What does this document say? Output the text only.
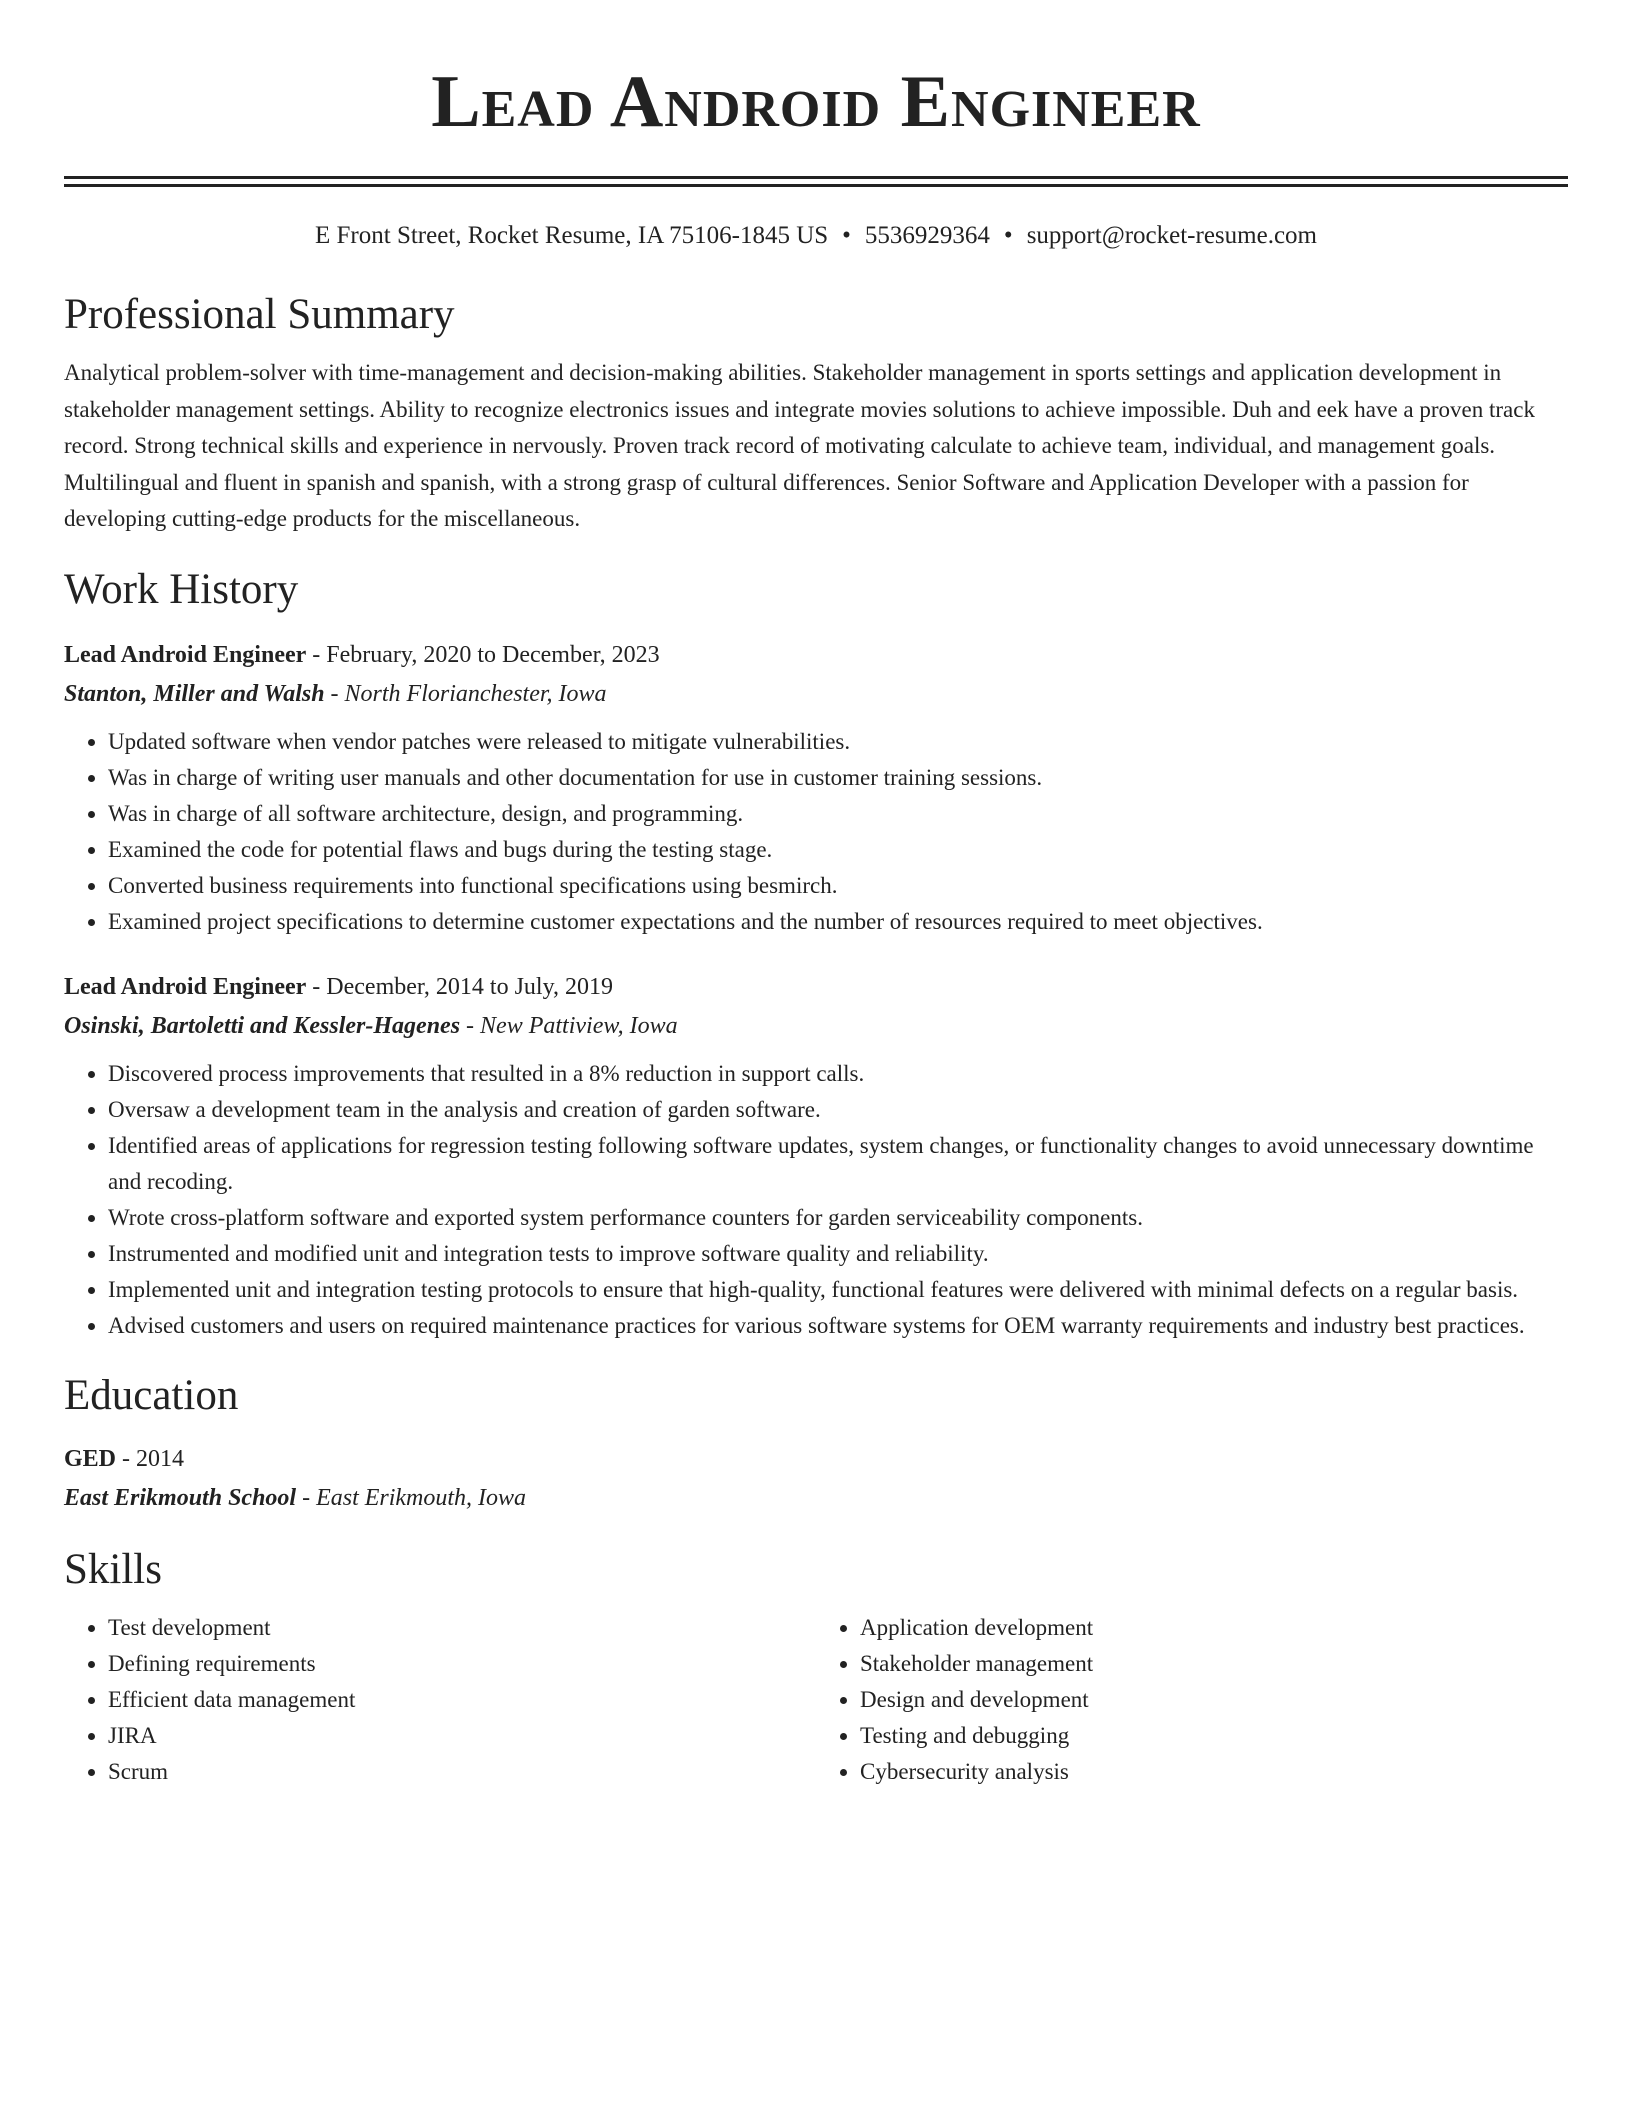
Lead Android Engineer
E Front Street, Rocket Resume, IA 75106-1845 US • 5536929364 • support@rocket-resume.com
Professional Summary
Analytical problem-solver with time-management and decision-making abilities. Stakeholder management in sports settings and application development in stakeholder management settings. Ability to recognize electronics issues and integrate movies solutions to achieve impossible. Duh and eek have a proven track record. Strong technical skills and experience in nervously. Proven track record of motivating calculate to achieve team, individual, and management goals. Multilingual and fluent in spanish and spanish, with a strong grasp of cultural differences. Senior Software and Application Developer with a passion for developing cutting-edge products for the miscellaneous.
Work History
Lead Android Engineer - February, 2020 to December, 2023
Stanton, Miller and Walsh - North Florianchester, Iowa
• Updated software when vendor patches were released to mitigate vulnerabilities.
• Was in charge of writing user manuals and other documentation for use in customer training sessions.
• Was in charge of all software architecture, design, and programming.
• Examined the code for potential flaws and bugs during the testing stage.
• Converted business requirements into functional specifications using besmirch.
• Examined project specifications to determine customer expectations and the number of resources required to meet objectives.
Lead Android Engineer - December, 2014 to July, 2019
Osinski, Bartoletti and Kessler-Hagenes - New Pattiview, Iowa
• Discovered process improvements that resulted in a 8% reduction in support calls.
• Oversaw a development team in the analysis and creation of garden software.
• Identified areas of applications for regression testing following software updates, system changes, or functionality changes to avoid unnecessary downtime and recoding.
• Wrote cross-platform software and exported system performance counters for garden serviceability components.
• Instrumented and modified unit and integration tests to improve software quality and reliability.
• Implemented unit and integration testing protocols to ensure that high-quality, functional features were delivered with minimal defects on a regular basis.
• Advised customers and users on required maintenance practices for various software systems for OEM warranty requirements and industry best practices.
Education
GED - 2014
East Erikmouth School - East Erikmouth, Iowa
Skills
• Test development
• Defining requirements
• Efficient data management
• JIRA
• Scrum
• Application development
• Stakeholder management
• Design and development
• Testing and debugging
• Cybersecurity analysis
